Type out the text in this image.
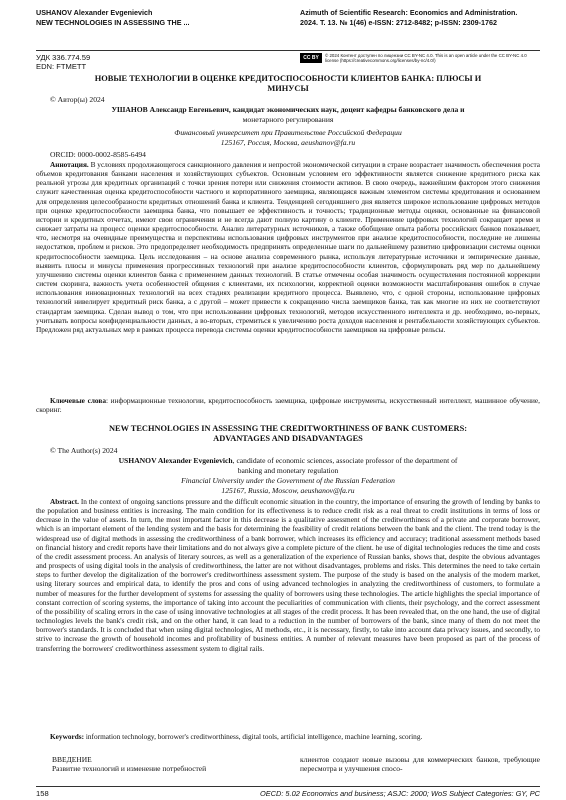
USHANOV Alexander Evgenievich
NEW TECHNOLOGIES IN ASSESSING THE ...
Azimuth of Scientific Research: Economics and Administration.
2024. Т. 13. № 1(46) e-ISSN: 2712-8482; p-ISSN: 2309-1762
УДК 336.774.59
EDN: FTMETT
CC BY	© 2024 Контент доступен по лицензии CC BY-NC 4.0. This is an open article under the CC BY-NC 4.0 license (https://creativecommons.org/licenses/by-nc/4.0/)
НОВЫЕ ТЕХНОЛОГИИ В ОЦЕНКЕ КРЕДИТОСПОСОБНОСТИ КЛИЕНТОВ БАНКА: ПЛЮСЫ И
МИНУСЫ
© Автор(ы) 2024
УШАНОВ Александр Евгеньевич, кандидат экономических наук, доцент кафедры банковского дела и
монетарного регулирования
Финансовый университет при Правительстве Российской Федерации
125167, Россия, Москва, aeushanov@fa.ru
ORCID: 0000-0002-8585-6494
Аннотация. В условиях продолжающегося санкционного давления и непростой экономической ситуации в стране возрастает значимость обеспечения роста объемов кредитования банками населения и хозяйствующих субъектов. Основным условием его эффективности является снижение кредитного риска как реальной угрозы для кредитных организаций с точки зрения потери или снижения стоимости активов. В свою очередь, важнейшим фактором этого снижения служит качественная оценка кредитоспособности частного и корпоративного заемщика, являющаяся важным элементом системы кредитования и основанием для определения целесообразности кредитных отношений банка и клиента. Тенденцией сегодняшнего дня является широкое использование цифровых методов при оценке кредитоспособности заемщика банка, что повышает ее эффективность и точность; традиционные методы оценки, основанные на финансовой истории и кредитных отчетах, имеют свои ограничения и не всегда дают полную картину о клиенте. Применение цифровых технологий сокращает время и снижает затраты на процесс оценки кредитоспособности. Анализ литературных источников, а также обобщение опыта работы российских банков показывает, что, несмотря на очевидные преимущества и перспективы использования цифровых инструментов при анализе кредитоспособности, последние не лишены недостатков, проблем и рисков. Это предопределяет необходимость предпринять определенные шаги по дальнейшему развитию цифровизации системы оценки кредитоспособности заемщика. Цель исследования – на основе анализа современного рынка, используя литературные источники и эмпирические данные, выявить плюсы и минусы применения прогрессивных технологий при анализе кредитоспособности клиентов, сформулировать ряд мер по дальнейшему улучшению системы оценки клиентов банка с применением данных технологий. В статье отмечены особая значимость осуществления постоянной коррекции систем скоринга, важность учета особенностей общения с клиентами, их психологии, корректной оценки возможности масштабирования ошибок в случае использования инновационных технологий на всех стадиях реализации кредитного процесса. Выявлено, что, с одной стороны, использование цифровых технологий нивелирует кредитный риск банка, а с другой – может привести к сокращению числа заемщиков банка, так как многие из них не соответствуют стандартам заемщика. Сделан вывод о том, что при использовании цифровых технологий, методов искусственного интеллекта и др. необходимо, во-первых, учитывать вопросы конфиденциальности данных, а во-вторых, стремиться к увеличению роста доходов населения и рентабельности хозяйствующих субъектов. Предложен ряд актуальных мер в рамках процесса перевода системы оценки кредитоспособности заемщиков на цифровые рельсы.
Ключевые слова: информационные технологии, кредитоспособность заемщика, цифровые инструменты, искусственный интеллект, машинное обучение, скоринг.
NEW TECHNOLOGIES IN ASSESSING THE CREDITWORTHINESS OF BANK CUSTOMERS:
ADVANTAGES AND DISADVANTAGES
© The Author(s) 2024
USHANOV Alexander Evgenievich, candidate of economic sciences, associate professor of the department of
banking and monetary regulation
Financial University under the Government of the Russian Federation
125167, Russia, Moscow, aeushanov@fa.ru
Abstract. In the context of ongoing sanctions pressure and the difficult economic situation in the country, the importance of ensuring the growth of lending by banks to the population and business entities is increasing. The main condition for its effectiveness is to reduce credit risk as a real threat to credit institutions in terms of loss or decrease in the value of assets. In turn, the most important factor in this decrease is a qualitative assessment of the creditworthiness of a private and corporate borrower, which is an important element of the lending system and the basis for determining the feasibility of credit relations between the bank and the client. The trend today is the widespread use of digital methods in assessing the creditworthiness of a bank borrower, which increases its efficiency and accuracy; traditional assessment methods based on financial history and credit reports have their limitations and do not always give a complete picture of the client. he use of digital technologies reduces the time and costs of the credit assessment process. An analysis of literary sources, as well as a generalization of the experience of Russian banks, shows that, despite the obvious advantages and prospects of using digital tools in the analysis of creditworthiness, the latter are not without disadvantages, problems and risks. This determines the need to take certain steps to further develop the digitalization of the borrower's creditworthiness assessment system. The purpose of the study is based on the analysis of the modern market, using literary sources and empirical data, to identify the pros and cons of using advanced technologies in analyzing the creditworthiness of customers, to formulate a number of measures for the further development of systems for assessing the quality of borrowers using these technologies. The article highlights the special importance of constant correction of scoring systems, the importance of taking into account the peculiarities of communication with clients, their psychology, and the correct assessment of the possibility of scaling errors in the case of using innovative technologies at all stages of the credit process. It has been revealed that, on the one hand, the use of digital technologies levels the bank's credit risk, and on the other hand, it can lead to a reduction in the number of borrowers of the bank, since many of them do not meet the borrower's standards. It is concluded that when using digital technologies, AI methods, etc., it is necessary, firstly, to take into account data privacy issues, and secondly, to strive to increase the growth of household incomes and profitability of business entities. A number of relevant measures have been proposed as part of the process of transferring the borrowers' creditworthiness assessment system to digital rails.
Keywords: information technology, borrower's creditworthiness, digital tools, artificial intelligence, machine learning, scoring.
ВВЕДЕНИЕ
Развитие технологий и изменение потребностей
клиентов создают новые вызовы для коммерческих банков, требующие пересмотра и улучшения спосо-
158	OECD: 5.02 Economics and business; ASJC: 2000; WoS Subject Categories: GY, PC
